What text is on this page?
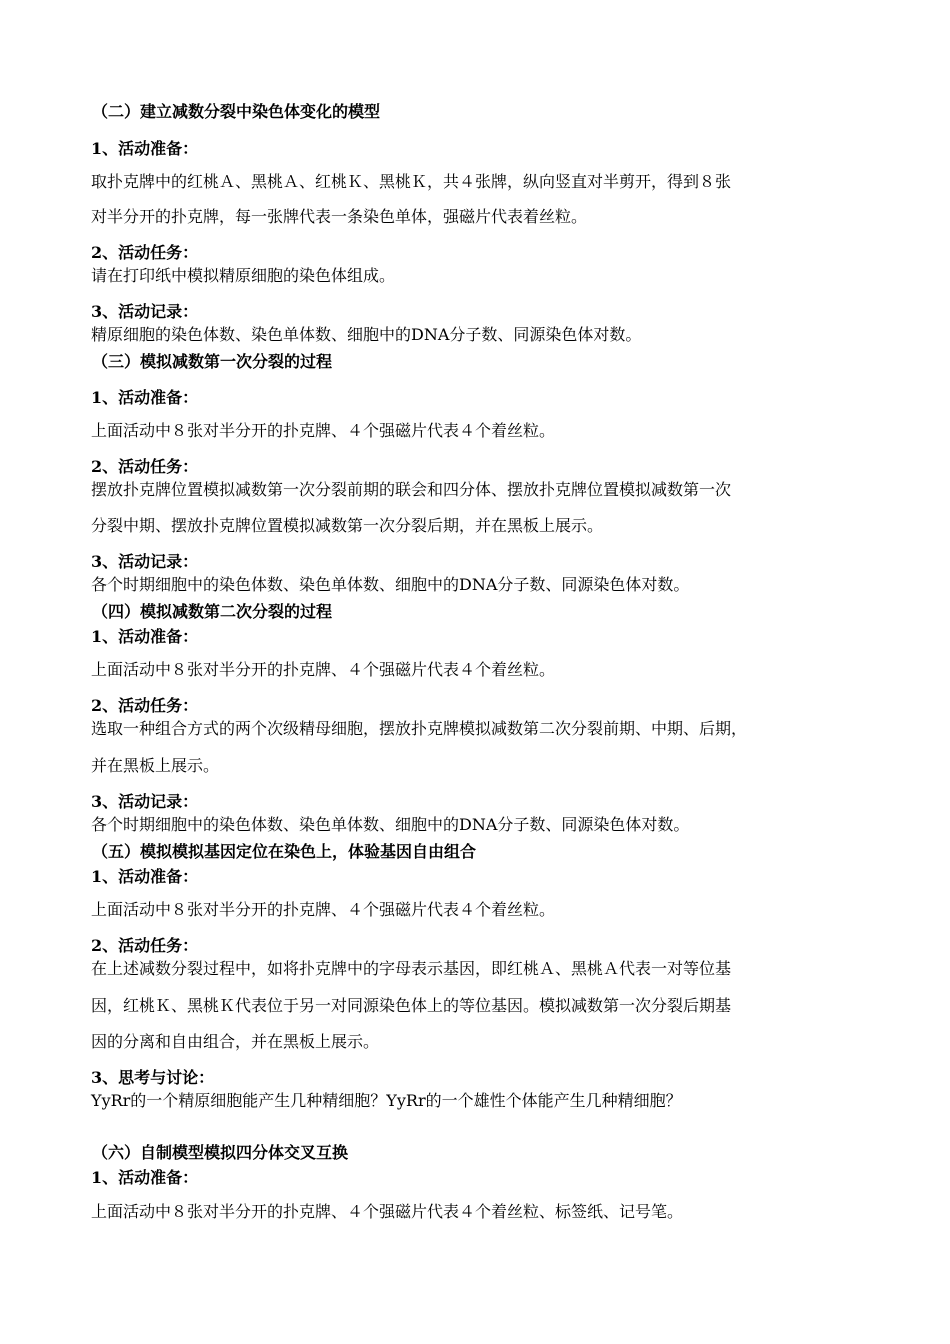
（二）建立减数分裂中染色体变化的模型
1、活动准备：
取扑克牌中的红桃Ａ、黑桃Ａ、红桃Ｋ、黑桃Ｋ，共４张牌，纵向竖直对半剪开，得到８张
对半分开的扑克牌，每一张牌代表一条染色单体，强磁片代表着丝粒。
2、活动任务：
请在打印纸中模拟精原细胞的染色体组成。
3、活动记录：
精原细胞的染色体数、染色单体数、细胞中的DNA分子数、同源染色体对数。
（三）模拟减数第一次分裂的过程
1、活动准备：
上面活动中８张对半分开的扑克牌、４个强磁片代表４个着丝粒。
2、活动任务：
摆放扑克牌位置模拟减数第一次分裂前期的联会和四分体、摆放扑克牌位置模拟减数第一次
分裂中期、摆放扑克牌位置模拟减数第一次分裂后期，并在黑板上展示。
3、活动记录：
各个时期细胞中的染色体数、染色单体数、细胞中的DNA分子数、同源染色体对数。
（四）模拟减数第二次分裂的过程
1、活动准备：
上面活动中８张对半分开的扑克牌、４个强磁片代表４个着丝粒。
2、活动任务：
选取一种组合方式的两个次级精母细胞，摆放扑克牌模拟减数第二次分裂前期、中期、后期，
并在黑板上展示。
3、活动记录：
各个时期细胞中的染色体数、染色单体数、细胞中的DNA分子数、同源染色体对数。
（五）模拟模拟基因定位在染色上，体验基因自由组合
1、活动准备：
上面活动中８张对半分开的扑克牌、４个强磁片代表４个着丝粒。
2、活动任务：
在上述减数分裂过程中，如将扑克牌中的字母表示基因，即红桃Ａ、黑桃Ａ代表一对等位基
因，红桃Ｋ、黑桃Ｋ代表位于另一对同源染色体上的等位基因。模拟减数第一次分裂后期基
因的分离和自由组合，并在黑板上展示。
3、思考与讨论：
YyRr的一个精原细胞能产生几种精细胞？YyRr的一个雄性个体能产生几种精细胞？
（六）自制模型模拟四分体交叉互换
1、活动准备：
上面活动中８张对半分开的扑克牌、４个强磁片代表４个着丝粒、标签纸、记号笔。
